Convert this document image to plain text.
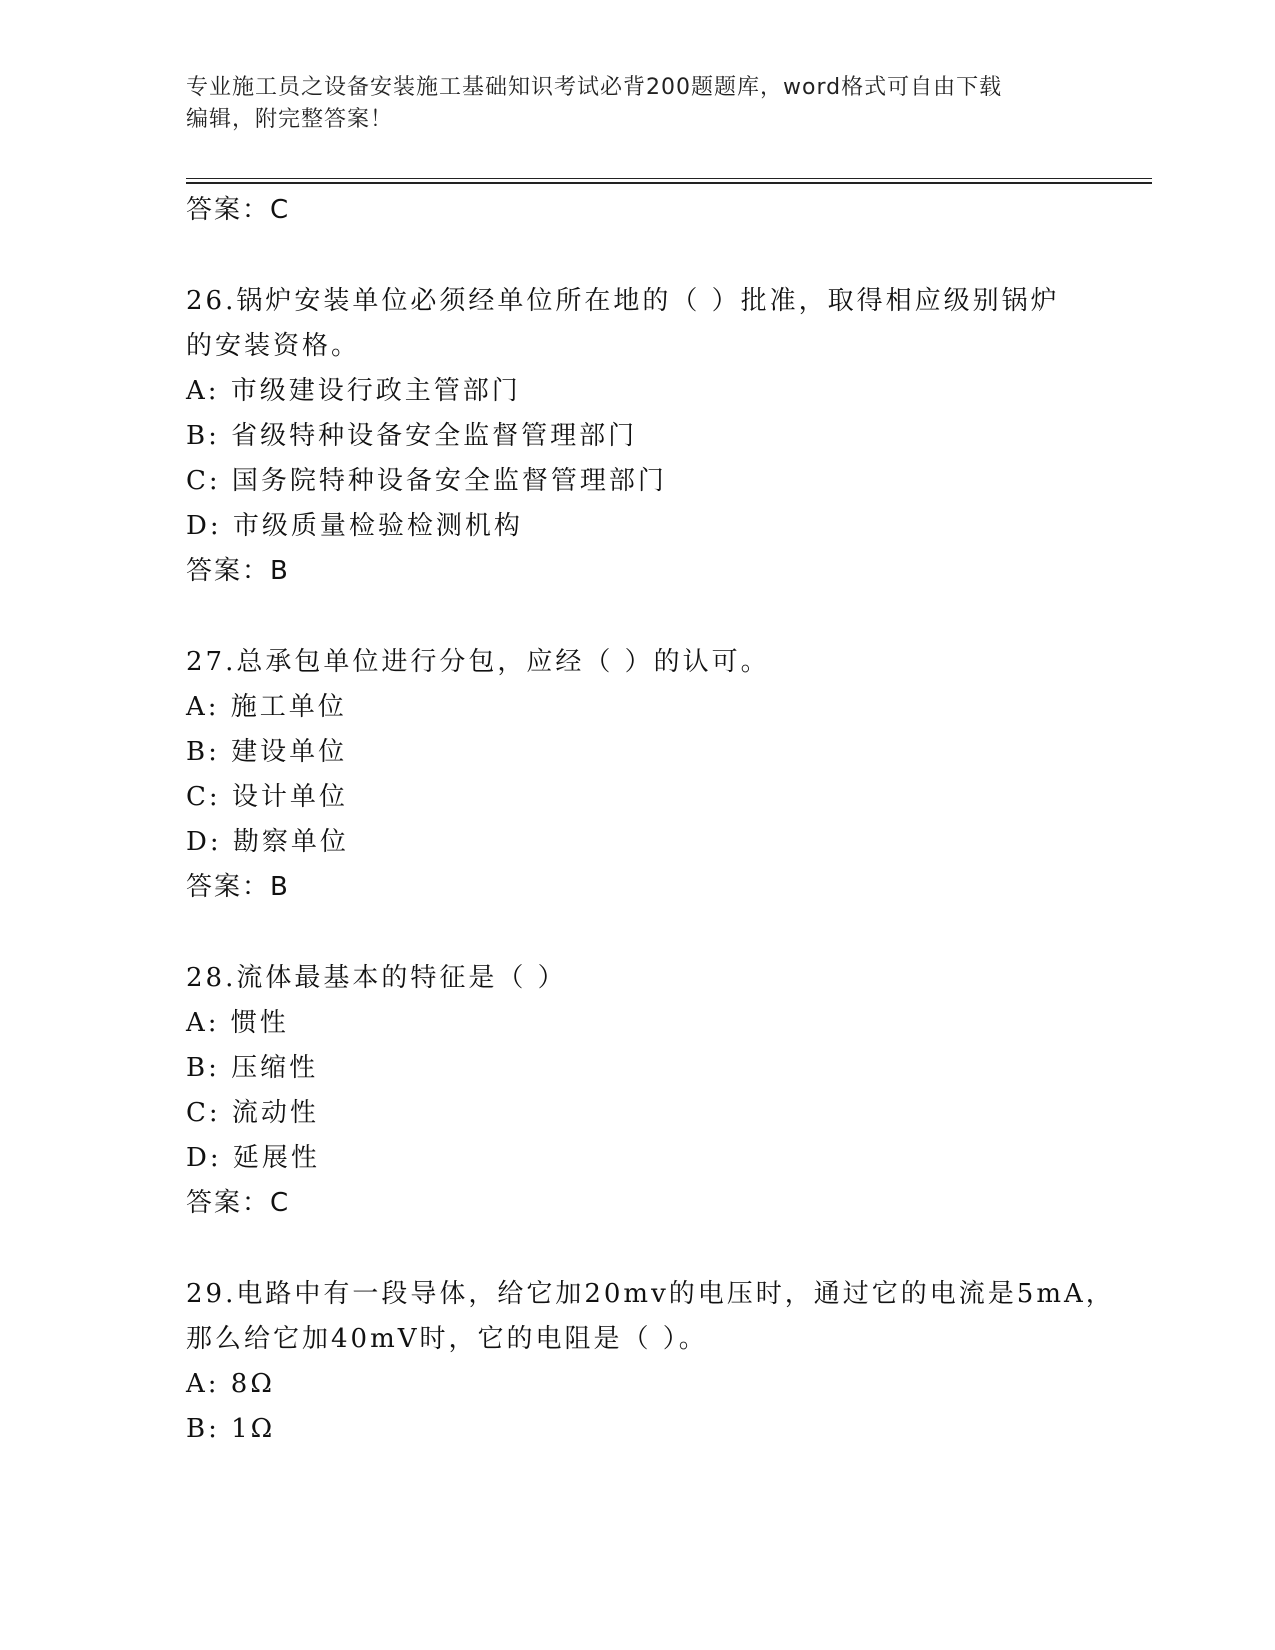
专业施工员之设备安装施工基础知识考试必背200题题库，word格式可自由下载
编辑，附完整答案！
答案：C
26.锅炉安装单位必须经单位所在地的（ ）批准，取得相应级别锅炉
的安装资格。
A: 市级建设行政主管部门
B: 省级特种设备安全监督管理部门
C: 国务院特种设备安全监督管理部门
D: 市级质量检验检测机构
答案：B
27.总承包单位进行分包，应经（ ）的认可。
A: 施工单位
B: 建设单位
C: 设计单位
D: 勘察单位
答案：B
28.流体最基本的特征是（ ）
A: 惯性
B: 压缩性
C: 流动性
D: 延展性
答案：C
29.电路中有一段导体，给它加20mv的电压时，通过它的电流是5mA，
那么给它加40mV时，它的电阻是（ ）。
A: 8Ω
B: 1Ω
